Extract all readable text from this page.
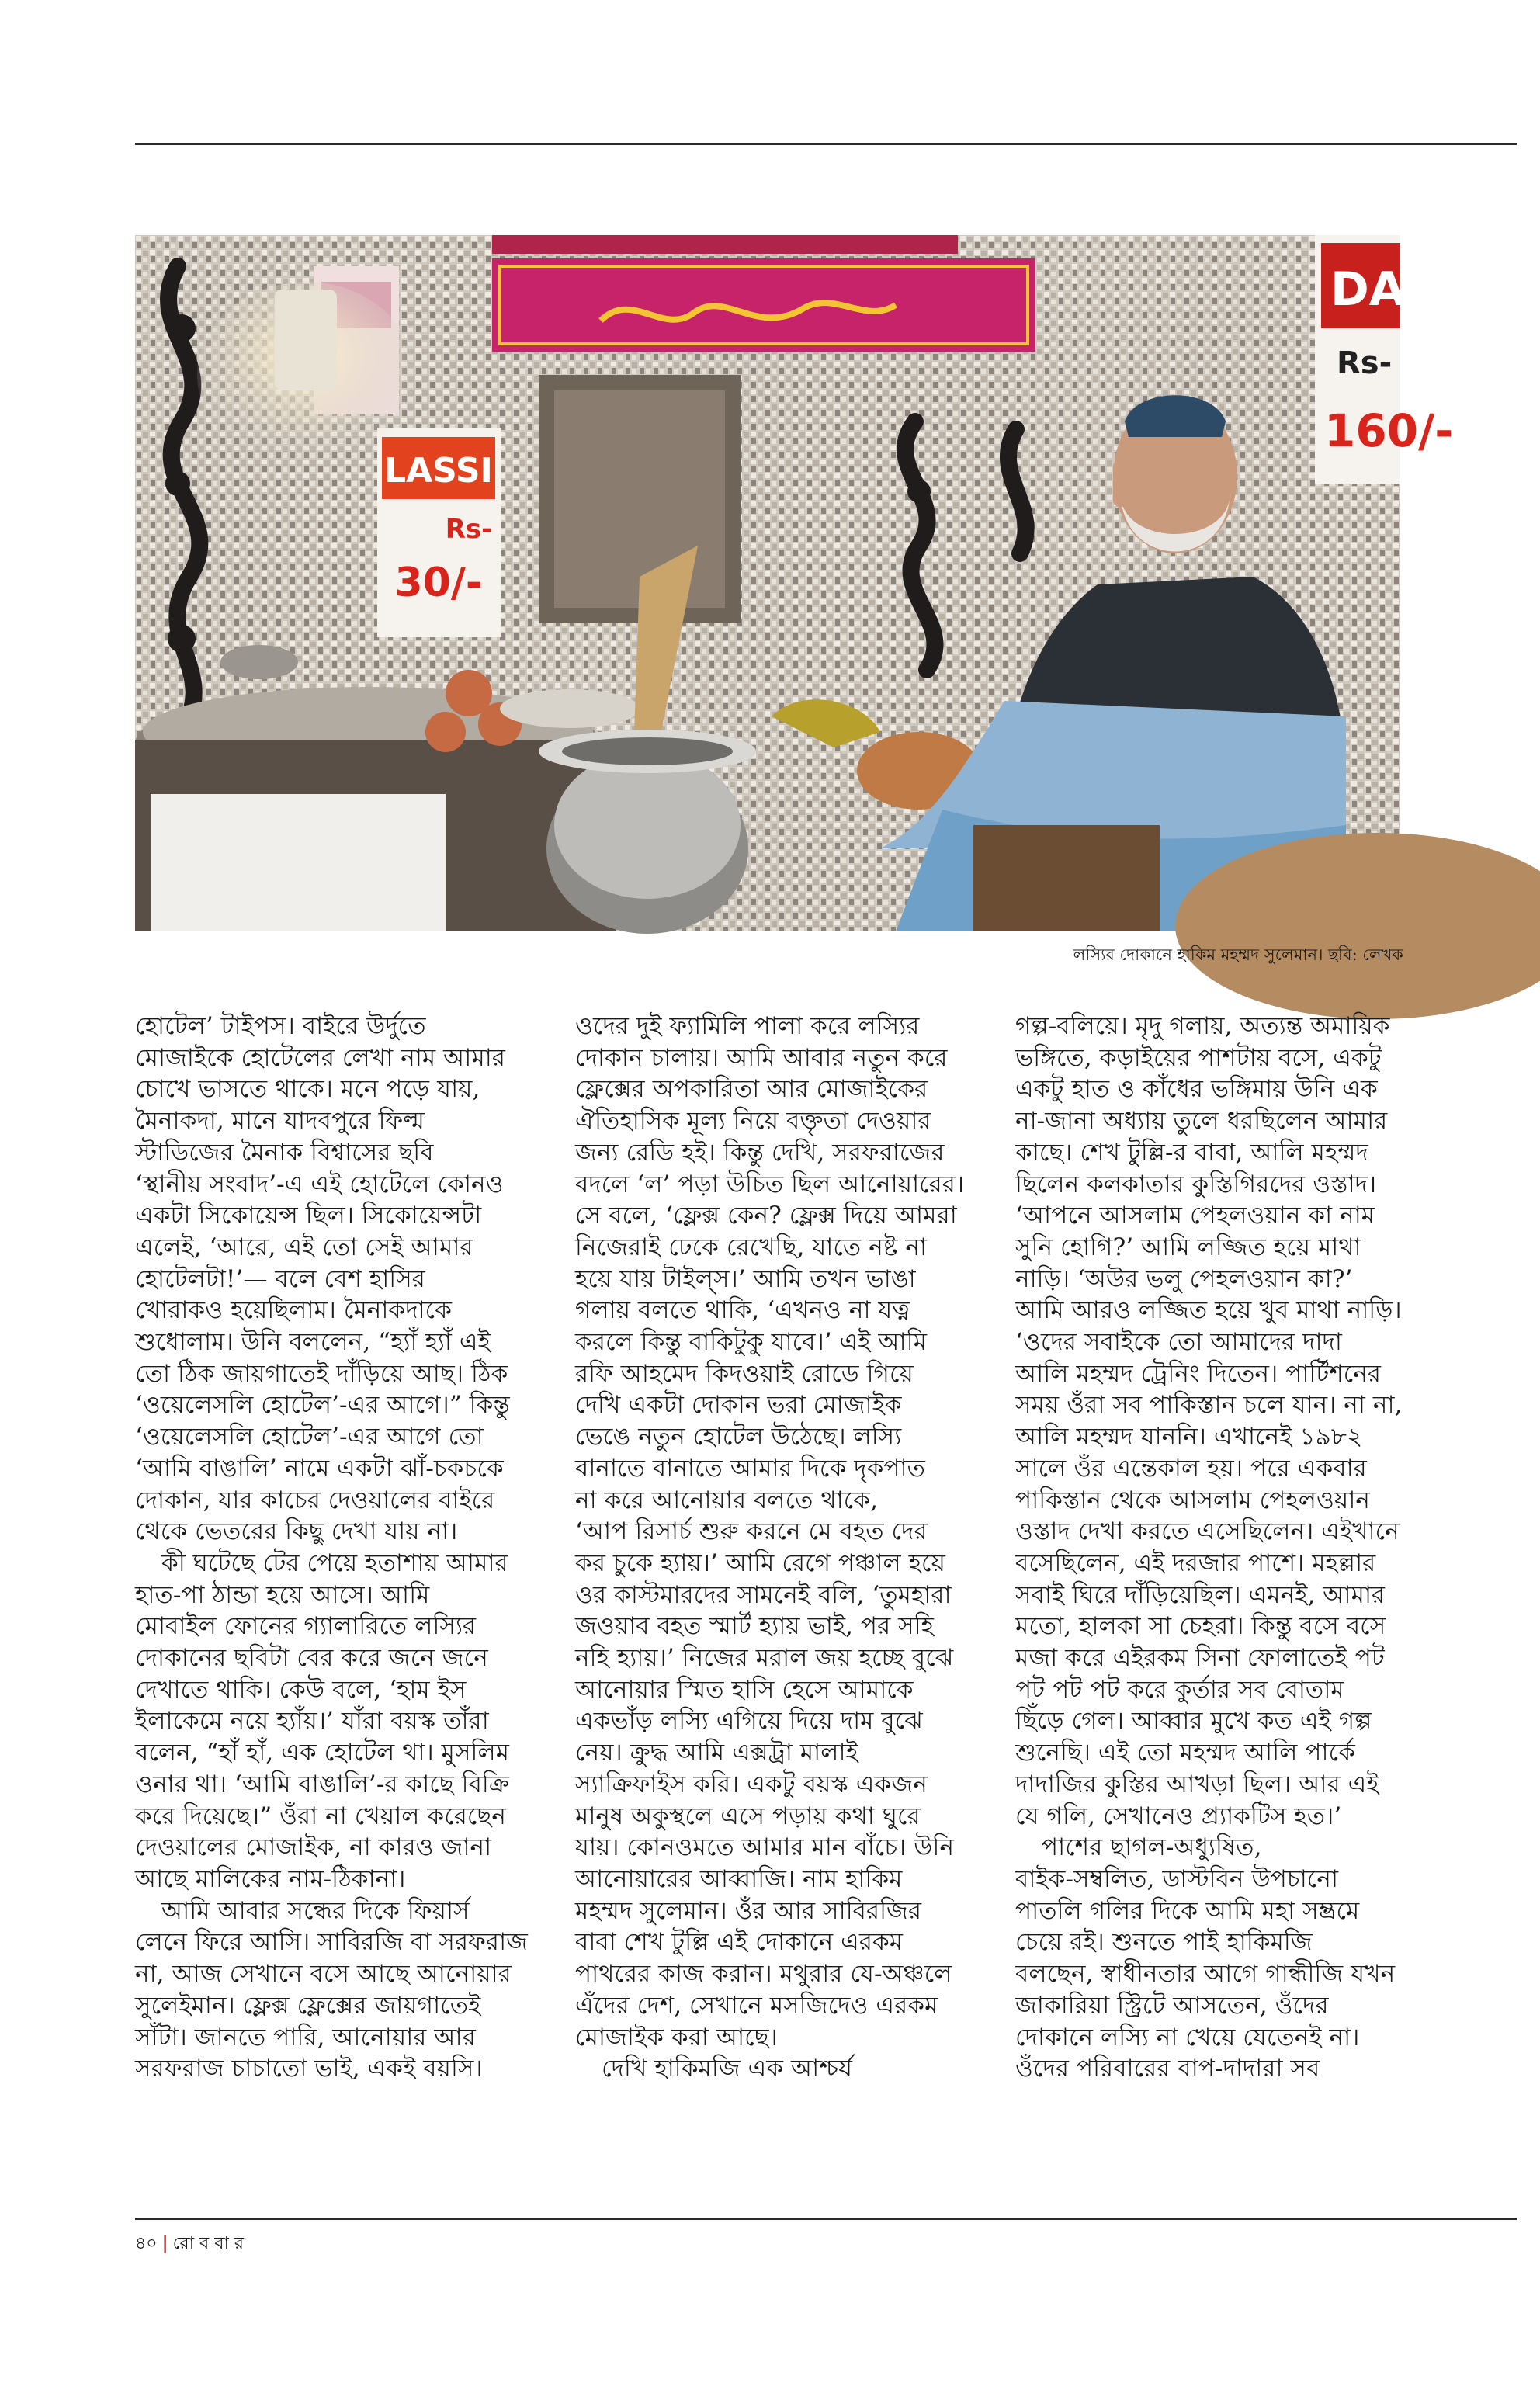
LASSI
Rs-
30/-
DAH
Rs-
160/-
লস্যির দোকানে হাকিম মহম্মদ সুলেমান। ছবি: লেখক

হোটেল’ টাইপস। বাইরে উর্দুতে
মোজাইকে হোটেলের লেখা নাম আমার
চোখে ভাসতে থাকে। মনে পড়ে যায়,
মৈনাকদা, মানে যাদবপুরে ফিল্ম
স্টাডিজের মৈনাক বিশ্বাসের ছবি
‘স্থানীয় সংবাদ’-এ এই হোটেলে কোনও
একটা সিকোয়েন্স ছিল। সিকোয়েন্সটা
এলেই, ‘আরে, এই তো সেই আমার
হোটেলটা!’— বলে বেশ হাসির
খোরাকও হয়েছিলাম। মৈনাকদাকে
শুধোলাম। উনি বললেন, “হ্যাঁ হ্যাঁ এই
তো ঠিক জায়গাতেই দাঁড়িয়ে আছ। ঠিক
‘ওয়েলেসলি হোটেল’-এর আগে।” কিন্তু
‘ওয়েলেসলি হোটেল’-এর আগে তো
‘আমি বাঙালি’ নামে একটা ঝাঁ-চকচকে
দোকান, যার কাচের দেওয়ালের বাইরে
থেকে ভেতরের কিছু দেখা যায় না।

কী ঘটেছে টের পেয়ে হতাশায় আমার
হাত-পা ঠান্ডা হয়ে আসে। আমি
মোবাইল ফোনের গ্যালারিতে লস্যির
দোকানের ছবিটা বের করে জনে জনে
দেখাতে থাকি। কেউ বলে, ‘হাম ইস
ইলাকেমে নয়ে হ্যাঁয়।’ যাঁরা বয়স্ক তাঁরা
বলেন, “হাঁ হাঁ, এক হোটেল থা। মুসলিম
ওনার থা। ‘আমি বাঙালি’-র কাছে বিক্রি
করে দিয়েছে।” ওঁরা না খেয়াল করেছেন
দেওয়ালের মোজাইক, না কারও জানা
আছে মালিকের নাম-ঠিকানা।

আমি আবার সন্ধের দিকে ফিয়ার্স
লেনে ফিরে আসি। সাবিরজি বা সরফরাজ
না, আজ সেখানে বসে আছে আনোয়ার
সুলেইমান। ফ্লেক্স ফ্লেক্সের জায়গাতেই
সাঁটা। জানতে পারি, আনোয়ার আর
সরফরাজ চাচাতো ভাই, একই বয়সি।

ওদের দুই ফ্যামিলি পালা করে লস্যির
দোকান চালায়। আমি আবার নতুন করে
ফ্লেক্সের অপকারিতা আর মোজাইকের
ঐতিহাসিক মূল্য নিয়ে বক্তৃতা দেওয়ার
জন্য রেডি হই। কিন্তু দেখি, সরফরাজের
বদলে ‘ল’ পড়া উচিত ছিল আনোয়ারের।
সে বলে, ‘ফ্লেক্স কেন? ফ্লেক্স দিয়ে আমরা
নিজেরাই ঢেকে রেখেছি, যাতে নষ্ট না
হয়ে যায় টাইল্স।’ আমি তখন ভাঙা
গলায় বলতে থাকি, ‘এখনও না যত্ন
করলে কিন্তু বাকিটুকু যাবে।’ এই আমি
রফি আহমেদ কিদওয়াই রোডে গিয়ে
দেখি একটা দোকান ভরা মোজাইক
ভেঙে নতুন হোটেল উঠেছে। লস্যি
বানাতে বানাতে আমার দিকে দৃকপাত
না করে আনোয়ার বলতে থাকে,
‘আপ রিসার্চ শুরু করনে মে বহত দের
কর চুকে হ্যায়।’ আমি রেগে পঞ্চাল হয়ে
ওর কাস্টমারদের সামনেই বলি, ‘তুমহারা
জওয়াব বহত স্মার্ট হ্যায় ভাই, পর সহি
নহি হ্যায়।’ নিজের মরাল জয় হচ্ছে বুঝে
আনোয়ার স্মিত হাসি হেসে আমাকে
একভাঁড় লস্যি এগিয়ে দিয়ে দাম বুঝে
নেয়। ক্রুদ্ধ আমি এক্সট্রা মালাই
স্যাক্রিফাইস করি। একটু বয়স্ক একজন
মানুষ অকুস্থলে এসে পড়ায় কথা ঘুরে
যায়। কোনওমতে আমার মান বাঁচে। উনি
আনোয়ারের আব্বাজি। নাম হাকিম
মহম্মদ সুলেমান। ওঁর আর সাবিরজির
বাবা শেখ টুল্লি এই দোকানে এরকম
পাথরের কাজ করান। মথুরার যে-অঞ্চলে
এঁদের দেশ, সেখানে মসজিদেও এরকম
মোজাইক করা আছে।

দেখি হাকিমজি এক আশ্চর্য

গল্প-বলিয়ে। মৃদু গলায়, অত্যন্ত অমায়িক
ভঙ্গিতে, কড়াইয়ের পাশটায় বসে, একটু
একটু হাত ও কাঁধের ভঙ্গিমায় উনি এক
না-জানা অধ্যায় তুলে ধরছিলেন আমার
কাছে। শেখ টুল্লি-র বাবা, আলি মহম্মদ
ছিলেন কলকাতার কুস্তিগিরদের ওস্তাদ।
‘আপনে আসলাম পেহলওয়ান কা নাম
সুনি হোগি?’ আমি লজ্জিত হয়ে মাথা
নাড়ি। ‘অউর ভলু পেহলওয়ান কা?’
আমি আরও লজ্জিত হয়ে খুব মাথা নাড়ি।
‘ওদের সবাইকে তো আমাদের দাদা
আলি মহম্মদ ট্রেনিং দিতেন। পার্টিশনের
সময় ওঁরা সব পাকিস্তান চলে যান। না না,
আলি মহম্মদ যাননি। এখানেই ১৯৮২
সালে ওঁর এন্তেকাল হয়। পরে একবার
পাকিস্তান থেকে আসলাম পেহলওয়ান
ওস্তাদ দেখা করতে এসেছিলেন। এইখানে
বসেছিলেন, এই দরজার পাশে। মহল্লার
সবাই ঘিরে দাঁড়িয়েছিল। এমনই, আমার
মতো, হালকা সা চেহরা। কিন্তু বসে বসে
মজা করে এইরকম সিনা ফোলাতেই পট
পট পট পট করে কুর্তার সব বোতাম
ছিঁড়ে গেল। আব্বার মুখে কত এই গল্প
শুনেছি। এই তো মহম্মদ আলি পার্কে
দাদাজির কুস্তির আখড়া ছিল। আর এই
যে গলি, সেখানেও প্র্যাকটিস হত।’

পাশের ছাগল-অধ্যুষিত,
বাইক-সম্বলিত, ডাস্টবিন উপচানো
পাতলি গলির দিকে আমি মহা সম্ভ্রমে
চেয়ে রই। শুনতে পাই হাকিমজি
বলছেন, স্বাধীনতার আগে গান্ধীজি যখন
জাকারিয়া স্ট্রিটে আসতেন, ওঁদের
দোকানে লস্যি না খেয়ে যেতেনই না।
ওঁদের পরিবারের বাপ-দাদারা সব

৪০ | রো ব বা র
